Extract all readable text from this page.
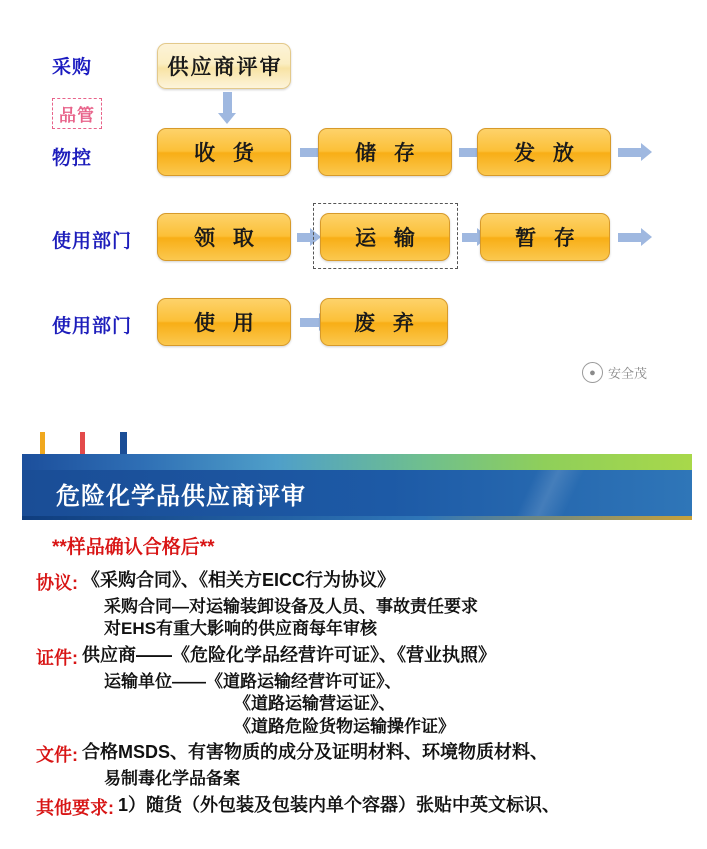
采购
品管
物控
使用部门
使用部门
供应商评审
收 货	储 存	发 放
领 取	运 输	暂 存
使 用	废 弃
● 安全茂
危险化学品供应商评审
**样品确认合格后**
协议: 《采购合同》、《相关方EICC行为协议》
采购合同—对运输装卸设备及人员、事故责任要求
对EHS有重大影响的供应商每年审核
证件: 供应商——《危险化学品经营许可证》、《营业执照》
运输单位——《道路运输经营许可证》、
《道路运输营运证》、
《道路危险货物运输操作证》
文件: 合格MSDS、有害物质的成分及证明材料、环境物质材料、
易制毒化学品备案
其他要求: 1）随货（外包装及包装内单个容器）张贴中英文标识、
